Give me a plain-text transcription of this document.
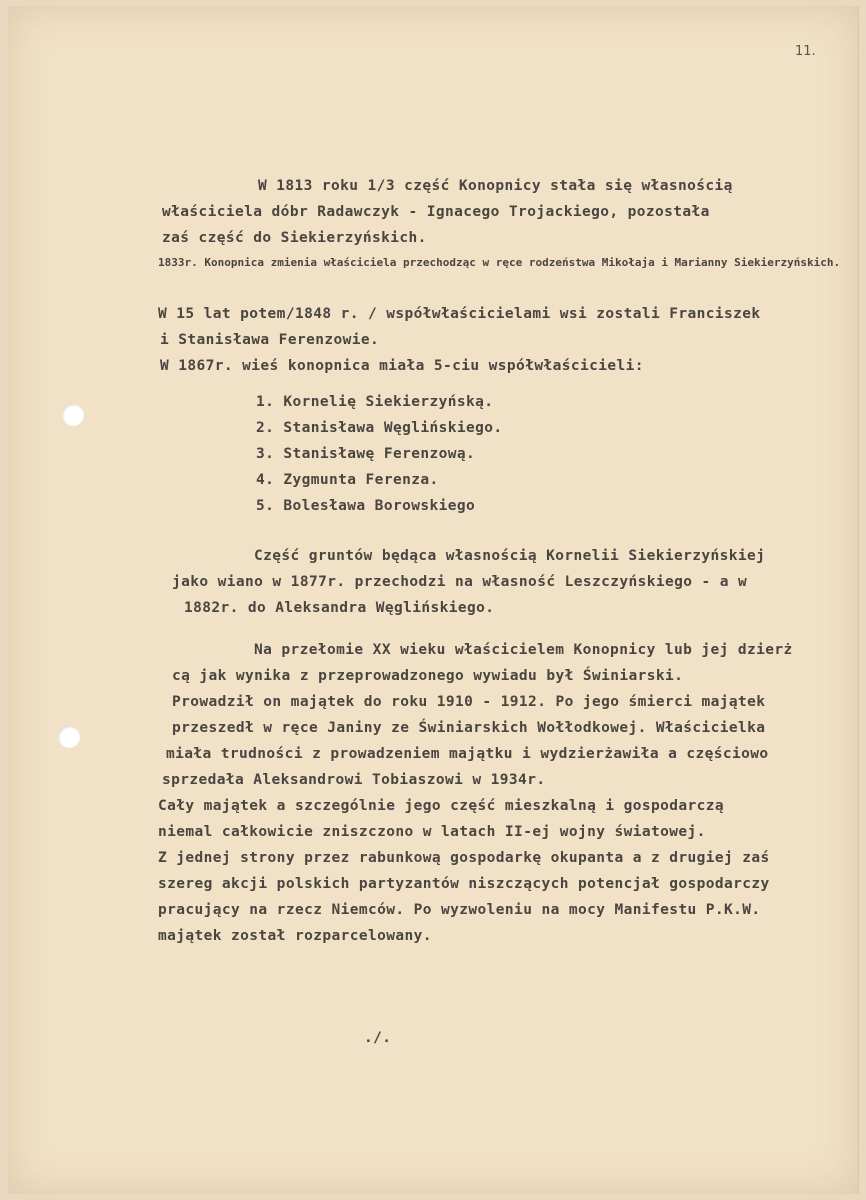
11.
W 1813 roku 1/3 część Konopnicy stała się własnością
właściciela dóbr Radawczyk - Ignacego Trojackiego, pozostała
zaś część do Siekierzyńskich.
1833r. Konopnica zmienia właściciela przechodząc w ręce rodzeństwa Mikołaja i Marianny Siekierzyńskich.
W 15 lat potem/1848 r. / współwłaścicielami wsi zostali Franciszek
i Stanisława Ferenzowie.
W 1867r. wieś konopnica miała 5-ciu współwłaścicieli:
1. Kornelię Siekierzyńską.
2. Stanisława Węglińskiego.
3. Stanisławę Ferenzową.
4. Zygmunta Ferenza.
5. Bolesława Borowskiego
Część gruntów będąca własnością Kornelii Siekierzyńskiej
jako wiano w 1877r. przechodzi na własność Leszczyńskiego - a w
1882r. do Aleksandra Węglińskiego.
Na przełomie XX wieku właścicielem Konopnicy lub jej dzierż
cą jak wynika z przeprowadzonego wywiadu był Świniarski.
Prowadził on majątek do roku 1910 - 1912. Po jego śmierci majątek
przeszedł w ręce Janiny ze Świniarskich Wołłodkowej. Właścicielka
miała trudności z prowadzeniem majątku i wydzierżawiła a częściowo
sprzedała Aleksandrowi Tobiaszowi w 1934r.
Cały majątek a szczególnie jego część mieszkalną i gospodarczą
niemal całkowicie zniszczono w latach II-ej wojny światowej.
Z jednej strony przez rabunkową gospodarkę okupanta a z drugiej zaś
szereg akcji polskich partyzantów niszczących potencjał gospodarczy
pracujący na rzecz Niemców. Po wyzwoleniu na mocy Manifestu P.K.W.
majątek został rozparcelowany.
./.
